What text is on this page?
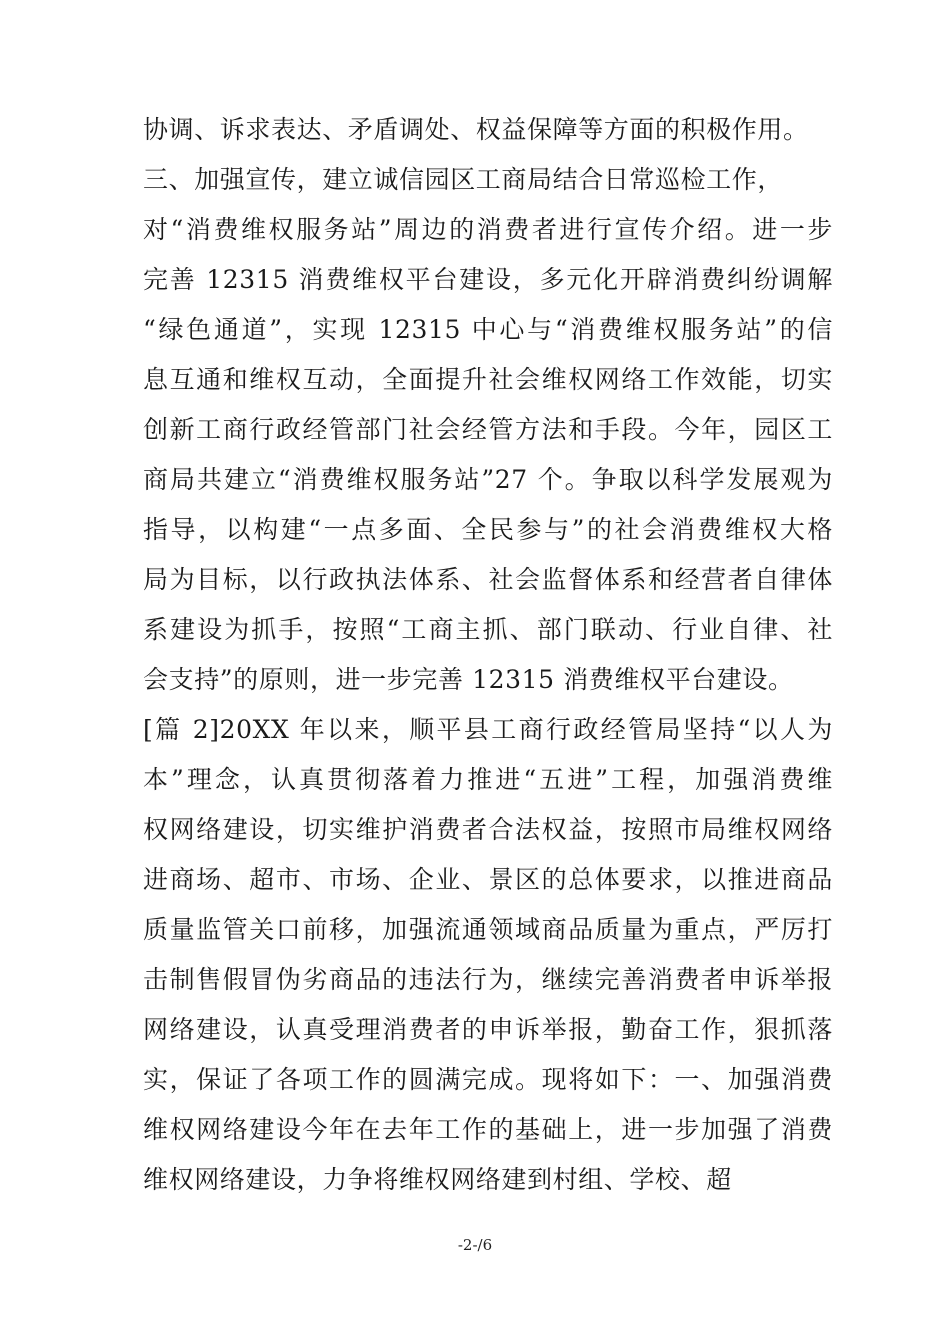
协调、诉求表达、矛盾调处、权益保障等方面的积极作用。
三、加强宣传，建立诚信园区工商局结合日常巡检工作，
对“消费维权服务站”周边的消费者进行宣传介绍。进一步
完善 12315 消费维权平台建设，多元化开辟消费纠纷调解
“绿色通道”，实现 12315 中心与“消费维权服务站”的信
息互通和维权互动，全面提升社会维权网络工作效能，切实
创新工商行政经管部门社会经管方法和手段。今年，园区工
商局共建立“消费维权服务站”27 个。争取以科学发展观为
指导，以构建“一点多面、全民参与”的社会消费维权大格
局为目标，以行政执法体系、社会监督体系和经营者自律体
系建设为抓手，按照“工商主抓、部门联动、行业自律、社
会支持”的原则，进一步完善 12315 消费维权平台建设。
[篇 2]20XX 年以来，顺平县工商行政经管局坚持“以人为
本”理念，认真贯彻落着力推进“五进”工程，加强消费维
权网络建设，切实维护消费者合法权益，按照市局维权网络
进商场、超市、市场、企业、景区的总体要求，以推进商品
质量监管关口前移，加强流通领域商品质量为重点，严厉打
击制售假冒伪劣商品的违法行为，继续完善消费者申诉举报
网络建设，认真受理消费者的申诉举报，勤奋工作，狠抓落
实，保证了各项工作的圆满完成。现将如下：一、加强消费
维权网络建设今年在去年工作的基础上，进一步加强了消费
维权网络建设，力争将维权网络建到村组、学校、超
-2-/6
